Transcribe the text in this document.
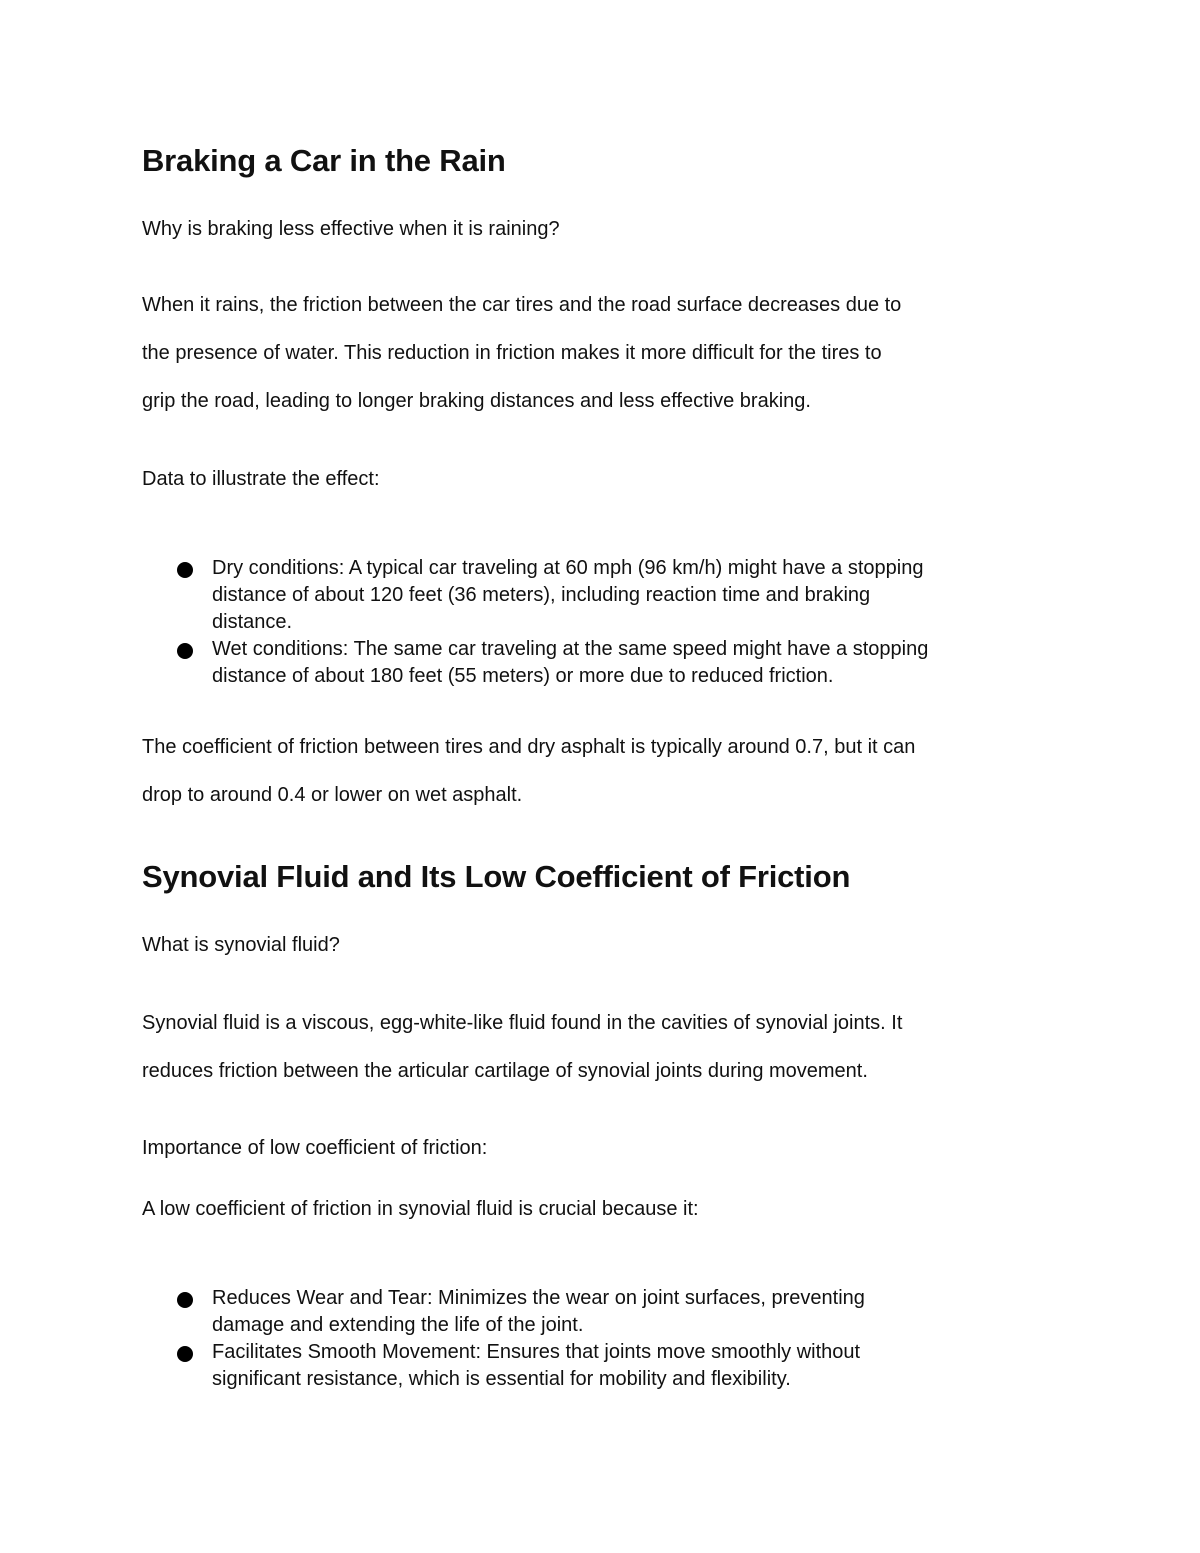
Braking a Car in the Rain

Why is braking less effective when it is raining?

When it rains, the friction between the car tires and the road surface decreases due to
the presence of water. This reduction in friction makes it more difficult for the tires to
grip the road, leading to longer braking distances and less effective braking.

Data to illustrate the effect:

Dry conditions: A typical car traveling at 60 mph (96 km/h) might have a stopping
distance of about 120 feet (36 meters), including reaction time and braking
distance.
Wet conditions: The same car traveling at the same speed might have a stopping
distance of about 180 feet (55 meters) or more due to reduced friction.

The coefficient of friction between tires and dry asphalt is typically around 0.7, but it can
drop to around 0.4 or lower on wet asphalt.

Synovial Fluid and Its Low Coefficient of Friction

What is synovial fluid?

Synovial fluid is a viscous, egg-white-like fluid found in the cavities of synovial joints. It
reduces friction between the articular cartilage of synovial joints during movement.

Importance of low coefficient of friction:

A low coefficient of friction in synovial fluid is crucial because it:

Reduces Wear and Tear: Minimizes the wear on joint surfaces, preventing
damage and extending the life of the joint.
Facilitates Smooth Movement: Ensures that joints move smoothly without
significant resistance, which is essential for mobility and flexibility.
